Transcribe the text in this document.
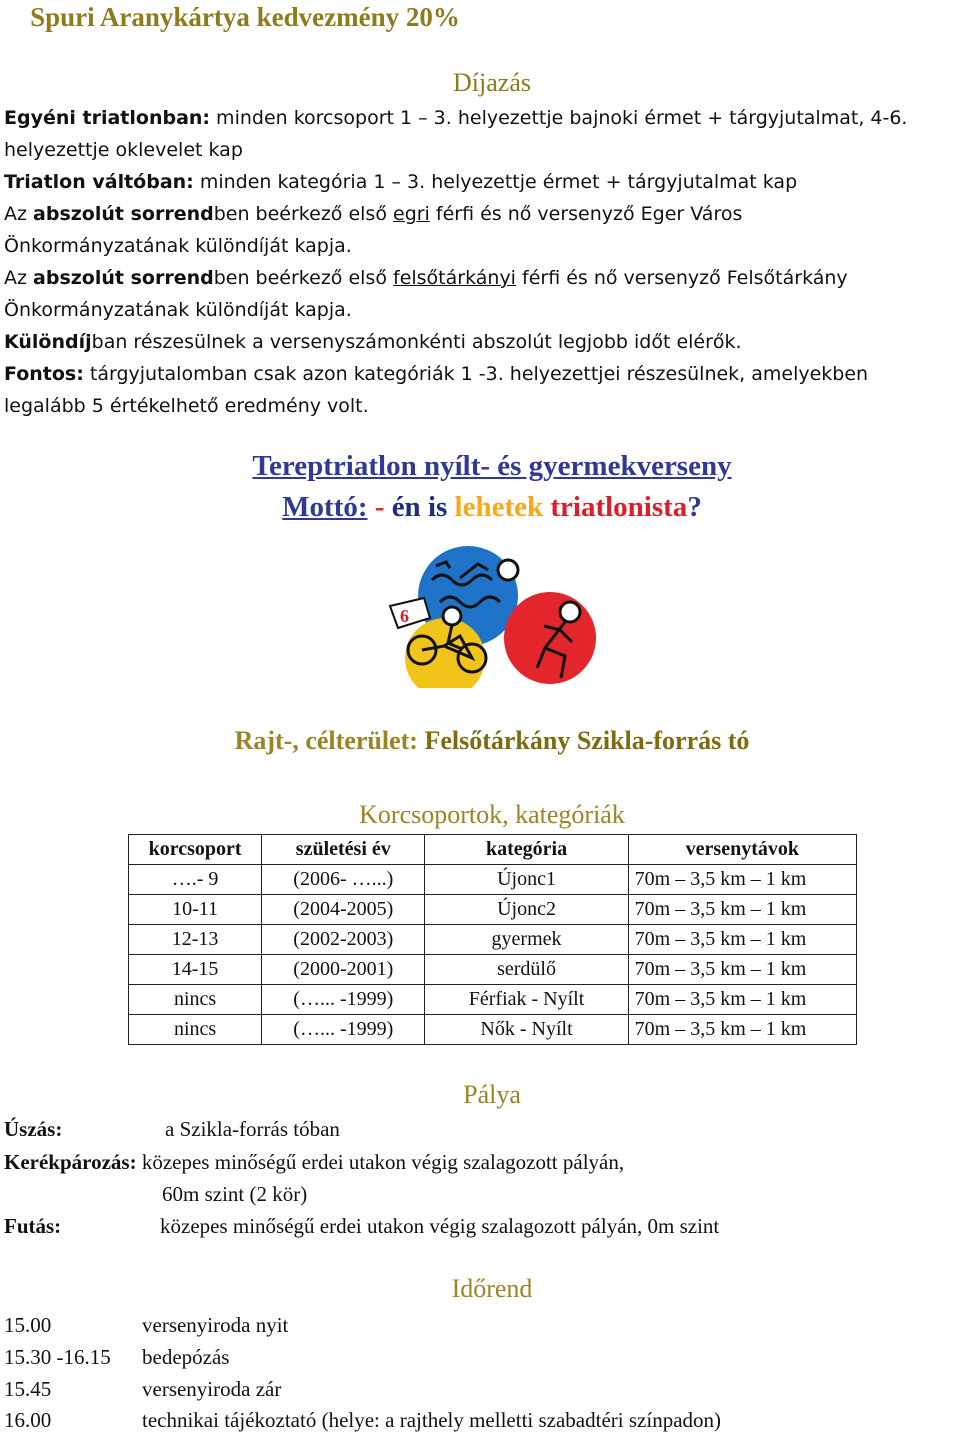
Spuri Aranykártya kedvezmény 20%
Díjazás
Egyéni triatlonban: minden korcsoport 1 – 3. helyezettje bajnoki érmet + tárgyjutalmat, 4-6.
helyezettje oklevelet kap
Triatlon váltóban: minden kategória 1 – 3. helyezettje érmet + tárgyjutalmat kap
Az abszolút sorrendben beérkező első egri férfi és nő versenyző Eger Város
Önkormányzatának különdíját kapja.
Az abszolút sorrendben beérkező első felsőtárkányi férfi és nő versenyző Felsőtárkány
Önkormányzatának különdíját kapja.
Különdíjban részesülnek a versenyszámonkénti abszolút legjobb időt elérők.
Fontos: tárgyjutalomban csak azon kategóriák 1 -3. helyezettjei részesülnek, amelyekben
legalább 5 értékelhető eredmény volt.
Tereptriatlon nyílt- és gyermekverseny
Mottó: - én is lehetek triatlonista?
6
Rajt-, célterület: Felsőtárkány Szikla-forrás tó
Korcsoportok, kategóriák
korcsoport	születési év	kategória	versenytávok
….- 9	(2006- …...)	Újonc1	70m – 3,5 km – 1 km
10-11	(2004-2005)	Újonc2	70m – 3,5 km – 1 km
12-13	(2002-2003)	gyermek	70m – 3,5 km – 1 km
14-15	(2000-2001)	serdülő	70m – 3,5 km – 1 km
nincs	(…... -1999)	Férfiak - Nyílt	70m – 3,5 km – 1 km
nincs	(…... -1999)	Nők - Nyílt	70m – 3,5 km – 1 km
Pálya
Úszás:	a Szikla-forrás tóban
Kerékpározás: közepes minőségű erdei utakon végig szalagozott pályán,
60m szint (2 kör)
Futás:	közepes minőségű erdei utakon végig szalagozott pályán, 0m szint
Időrend
15.00	versenyiroda nyit
15.30 -16.15 bedepózás
15.45	versenyiroda zár
16.00	technikai tájékoztató (helye: a rajthely melletti szabadtéri színpadon)
